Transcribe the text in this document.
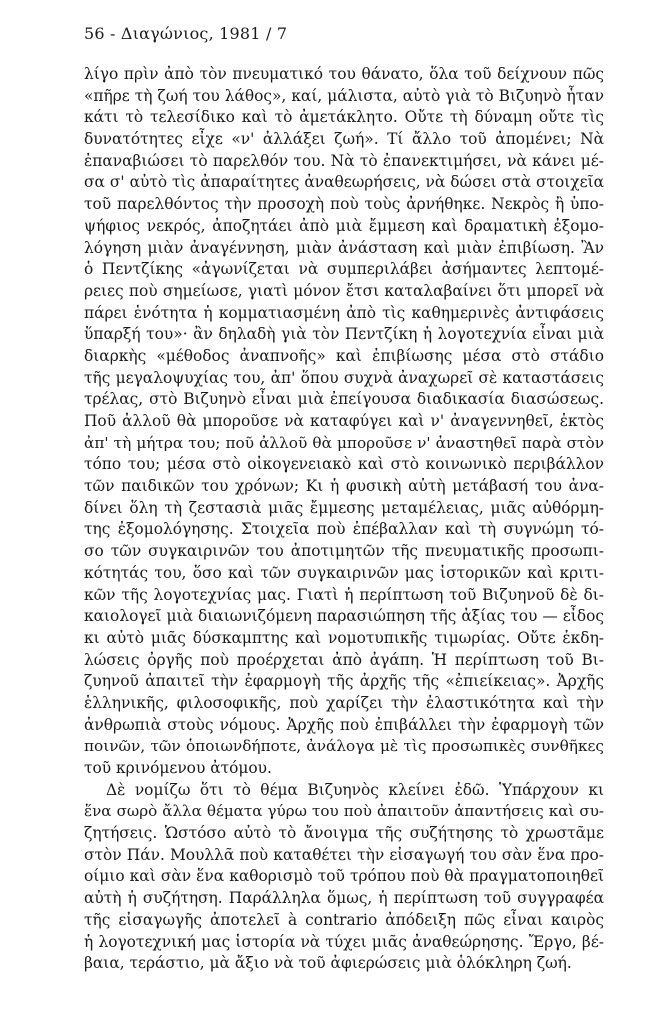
56 - Διαγώνιος, 1981 / 7
λίγο πρὶν ἀπὸ τὸν πνευματικό του θάνατο, ὅλα τοῦ δείχνουν πῶς
«πῆρε τὴ ζωή του λάθος», καί, μάλιστα, αὐτὸ γιὰ τὸ Βιζυηνὸ ἦταν
κάτι τὸ τελεσίδικο καὶ τὸ ἀμετάκλητο. Οὔτε τὴ δύναμη οὔτε τὶς
δυνατότητες εἶχε «ν' ἀλλάξει ζωή». Τί ἄλλο τοῦ ἀπομένει; Νὰ
ἐπαναβιώσει τὸ παρελθόν του. Νὰ τὸ ἐπανεκτιμήσει, νὰ κάνει μέ-
σα σ' αὐτὸ τὶς ἀπαραίτητες ἀναθεωρήσεις, νὰ δώσει στὰ στοιχεῖα
τοῦ παρελθόντος τὴν προσοχὴ ποὺ τοὺς ἀρνήθηκε. Νεκρὸς ἢ ὑπο-
ψήφιος νεκρός, ἀποζητάει ἀπὸ μιὰ ἔμμεση καὶ δραματικὴ ἐξομο-
λόγηση μιὰν ἀναγέννηση, μιὰν ἀνάσταση καὶ μιὰν ἐπιβίωση. Ἂν
ὁ Πεντζίκης «ἀγωνίζεται νὰ συμπεριλάβει ἀσήμαντες λεπτομέ-
ρειες ποὺ σημείωσε, γιατὶ μόνον ἔτσι καταλαβαίνει ὅτι μπορεῖ νὰ
πάρει ἑνότητα ἡ κομματιασμένη ἀπὸ τὶς καθημερινὲς ἀντιφάσεις
ὕπαρξή του»· ἂν δηλαδὴ γιὰ τὸν Πεντζίκη ἡ λογοτεχνία εἶναι μιὰ
διαρκὴς «μέθοδος ἀναπνοῆς» καὶ ἐπιβίωσης μέσα στὸ στάδιο
τῆς μεγαλοψυχίας του, ἀπ' ὅπου συχνὰ ἀναχωρεῖ σὲ καταστάσεις
τρέλας, στὸ Βιζυηνὸ εἶναι μιὰ ἐπείγουσα διαδικασία διασώσεως.
Ποῦ ἀλλοῦ θὰ μποροῦσε νὰ καταφύγει καὶ ν' ἀναγεννηθεῖ, ἐκτὸς
ἀπ' τὴ μήτρα του; ποῦ ἀλλοῦ θὰ μποροῦσε ν' ἀναστηθεῖ παρὰ στὸν
τόπο του; μέσα στὸ οἰκογενειακὸ καὶ στὸ κοινωνικὸ περιβάλλον
τῶν παιδικῶν του χρόνων; Κι ἡ φυσικὴ αὐτὴ μετάβασή του ἀνα-
δίνει ὅλη τὴ ζεστασιὰ μιᾶς ἔμμεσης μεταμέλειας, μιᾶς αὐθόρμη-
της ἐξομολόγησης. Στοιχεῖα ποὺ ἐπέβαλλαν καὶ τὴ συγνώμη τό-
σο τῶν συγκαιρινῶν του ἀποτιμητῶν τῆς πνευματικῆς προσωπι-
κότητάς του, ὅσο καὶ τῶν συγκαιρινῶν μας ἱστορικῶν καὶ κριτι-
κῶν τῆς λογοτεχνίας μας. Γιατὶ ἡ περίπτωση τοῦ Βιζυηνοῦ δὲ δι-
καιολογεῖ μιὰ διαιωνιζόμενη παρασιώπηση τῆς ἀξίας του — εἶδος
κι αὐτὸ μιᾶς δύσκαμπτης καὶ νομοτυπικῆς τιμωρίας. Οὔτε ἐκδη-
λώσεις ὀργῆς ποὺ προέρχεται ἀπὸ ἀγάπη. Ἡ περίπτωση τοῦ Βι-
ζυηνοῦ ἀπαιτεῖ τὴν ἐφαρμογὴ τῆς ἀρχῆς τῆς «ἐπιείκειας». Ἀρχῆς
ἑλληνικῆς, φιλοσοφικῆς, ποὺ χαρίζει τὴν ἐλαστικότητα καὶ τὴν
ἀνθρωπιὰ στοὺς νόμους. Ἀρχῆς ποὺ ἐπιβάλλει τὴν ἐφαρμογὴ τῶν
ποινῶν, τῶν ὁποιωνδήποτε, ἀνάλογα μὲ τὶς προσωπικὲς συνθῆκες
τοῦ κρινόμενου ἀτόμου.
Δὲ νομίζω ὅτι τὸ θέμα Βιζυηνὸς κλείνει ἐδῶ. Ὑπάρχουν κι
ἕνα σωρὸ ἄλλα θέματα γύρω του ποὺ ἀπαιτοῦν ἀπαντήσεις καὶ συ-
ζητήσεις. Ὡστόσο αὐτὸ τὸ ἄνοιγμα τῆς συζήτησης τὸ χρωστᾶμε
στὸν Πάν. Μουλλᾶ ποὺ καταθέτει τὴν εἰσαγωγή του σὰν ἕνα προ-
οίμιο καὶ σὰν ἕνα καθορισμὸ τοῦ τρόπου ποὺ θὰ πραγματοποιηθεῖ
αὐτὴ ἡ συζήτηση. Παράλληλα ὅμως, ἡ περίπτωση τοῦ συγγραφέα
τῆς εἰσαγωγῆς ἀποτελεῖ à contrario ἀπόδειξη πῶς εἶναι καιρὸς
ἡ λογοτεχνική μας ἱστορία νὰ τύχει μιᾶς ἀναθεώρησης. Ἔργο, βέ-
βαια, τεράστιο, μὰ ἄξιο νὰ τοῦ ἀφιερώσεις μιὰ ὁλόκληρη ζωή.
